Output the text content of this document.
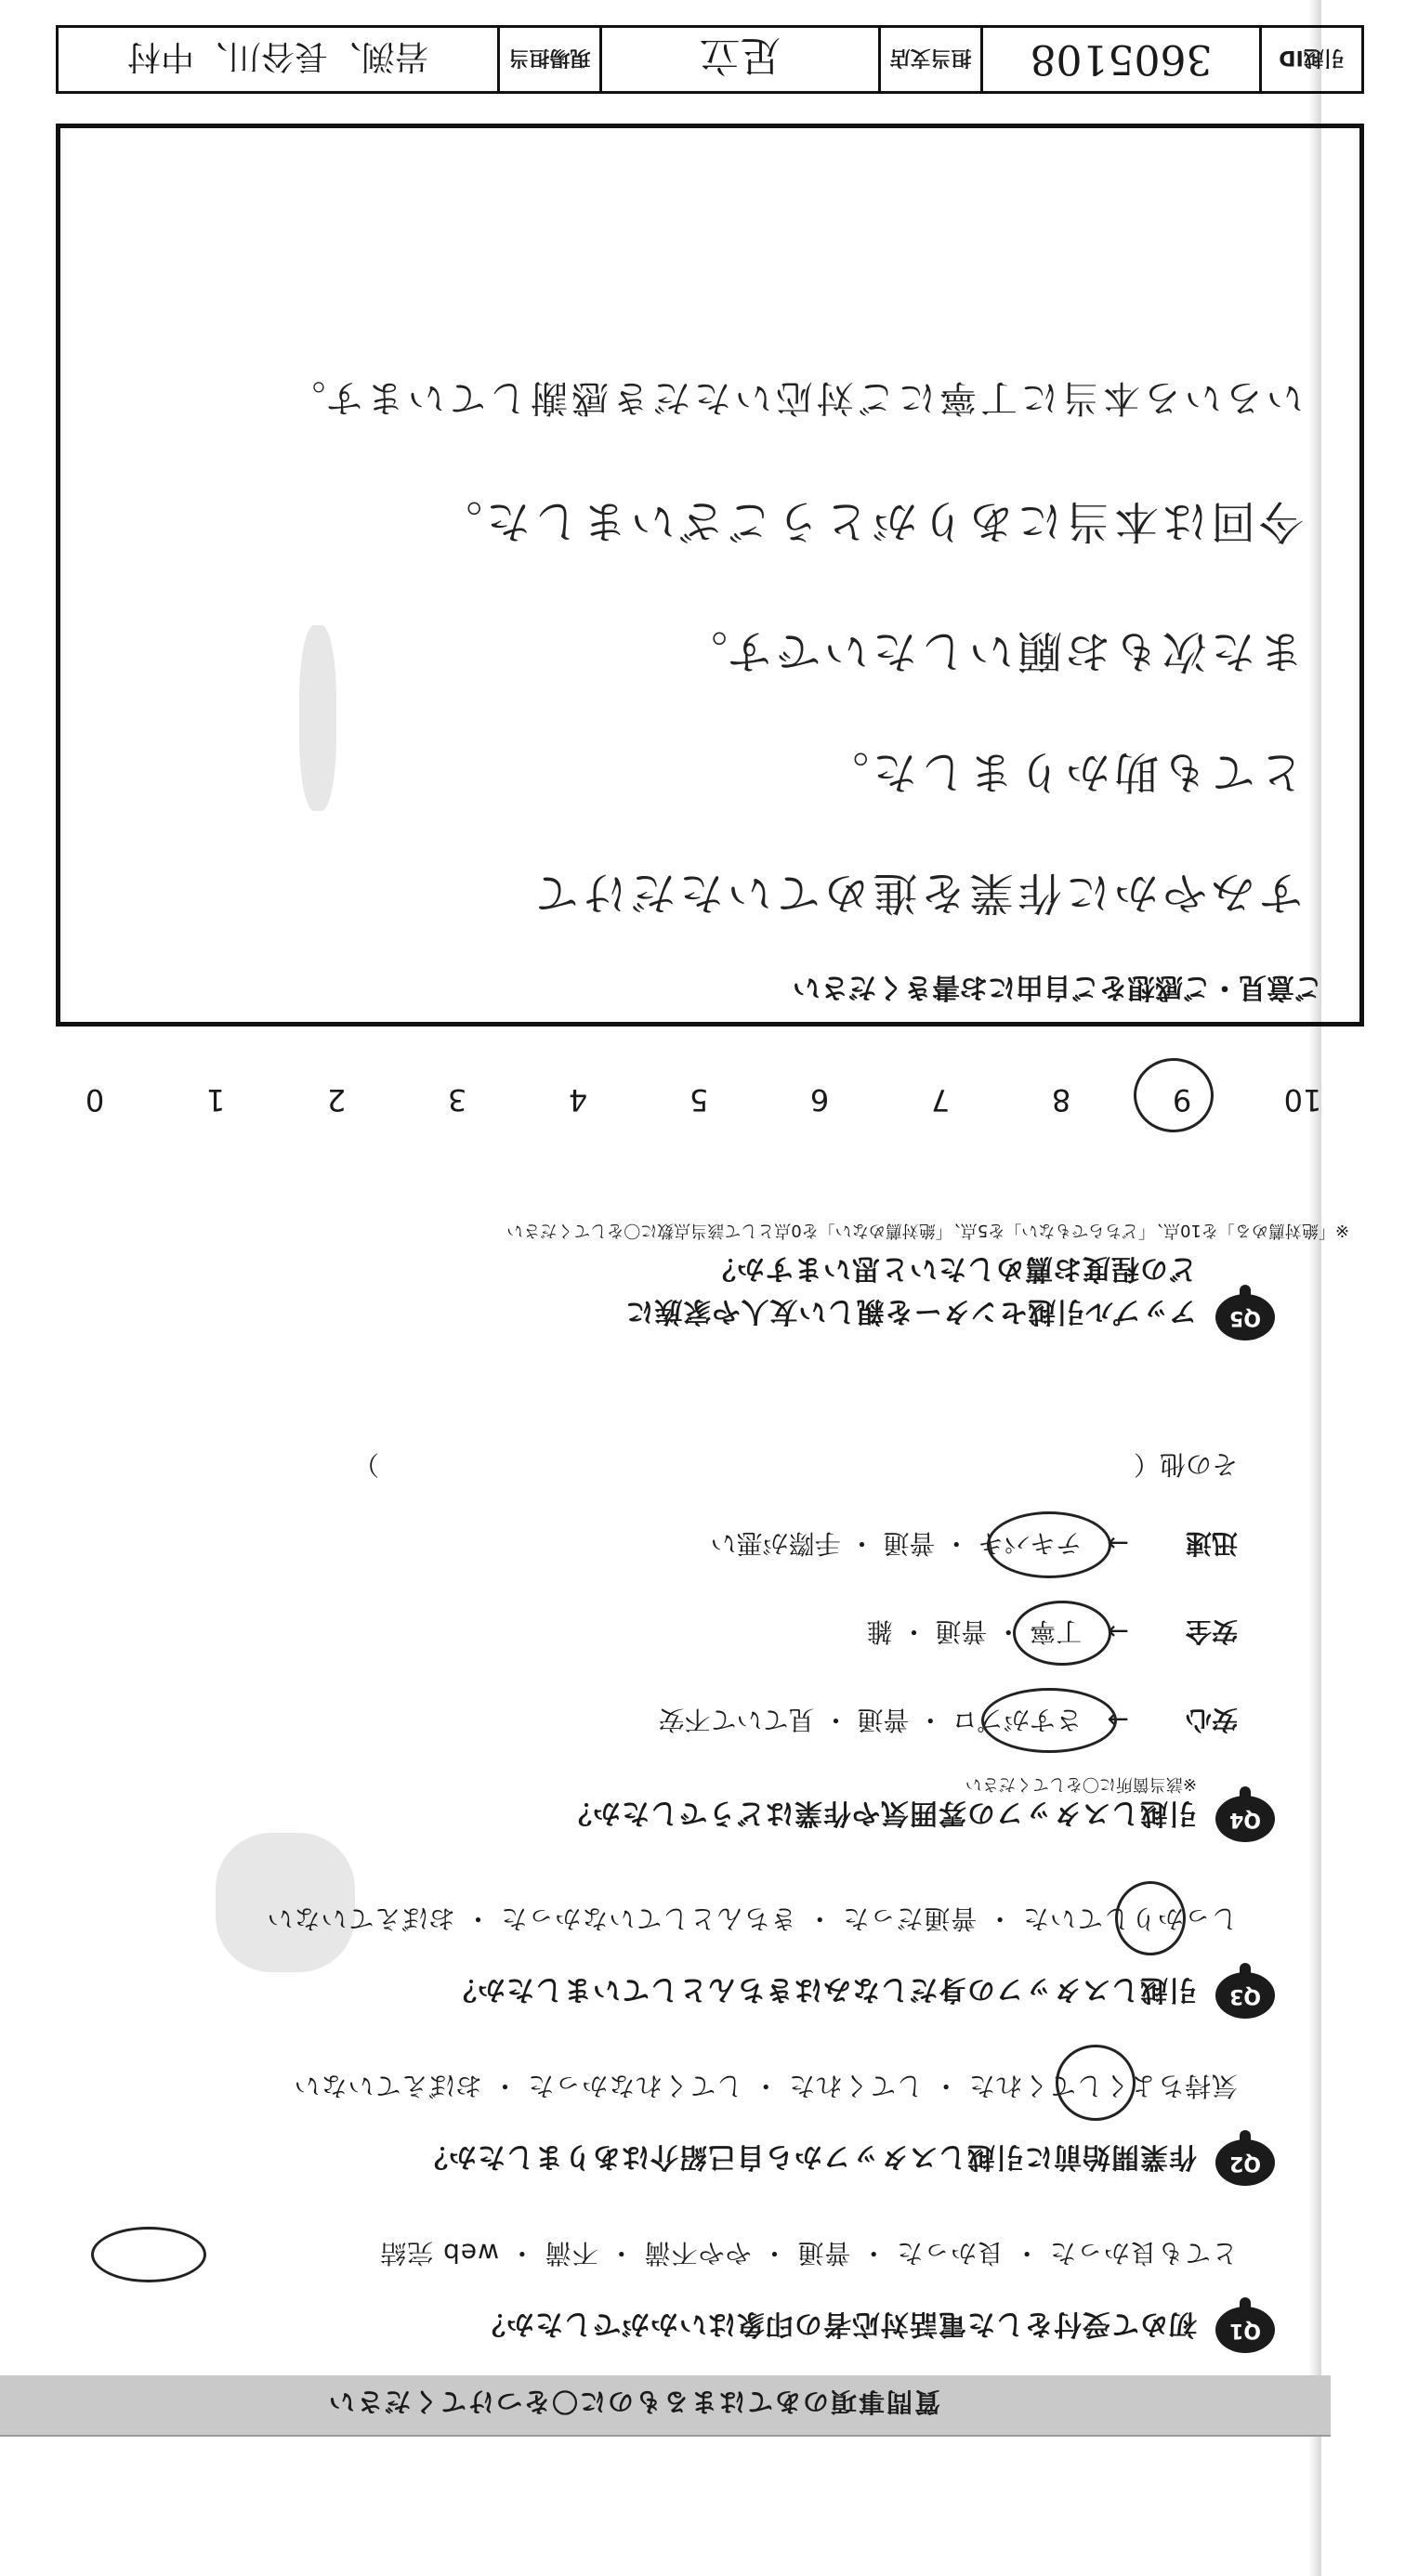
質問事項のあてはまるものに〇をつけてください
Q1
初めて受付をした電話対応者の印象はいかがでしたか？
とても良かった ・ 良かった ・ 普通 ・ やや不満 ・ 不満 ・ web 完結
Q2
作業開始前に引越しスタッフから自己紹介はありましたか？
気持ちよくしてくれた ・ してくれた ・ してくれなかった ・ おぼえていない
Q3
引越しスタッフの身だしなみはきちんとしていましたか？
しっかりしていた ・ 普通だった ・ きちんとしていなかった ・ おぼえていない
Q4
引越しスタッフの雰囲気や作業はどうでしたか？
※該当箇所に〇をしてください
安心 → さすがプロ ・ 普通 ・ 見ていて不安
安全 → 丁寧 ・ 普通 ・ 雑
迅速 → テキパキ ・ 普通 ・ 手際が悪い
その他（　　　　　　　　　　　　　　　　　　　　　　　　　　　　　）
Q5
アップル引越センターを親しい友人や家族に
どの程度お薦めしたいと思いますか？
※「絶対薦める」を10点、「どちらでもない」を5点、「絶対薦めない」を0点として該当点数に〇をしてください
10
9
8
7
6
5
4
3
2
1
0
ご意見・ご感想をご自由にお書きください
すみやかに作業を進めていただけて
とても助かりました。
また次もお願いしたいです。
今回は本当にありがとうございました。
いろいろ本当に丁寧にご対応いただき感謝しています。
引越ID
3605108
担当支店
足立
現場担当
岩渕、長谷川、中村
